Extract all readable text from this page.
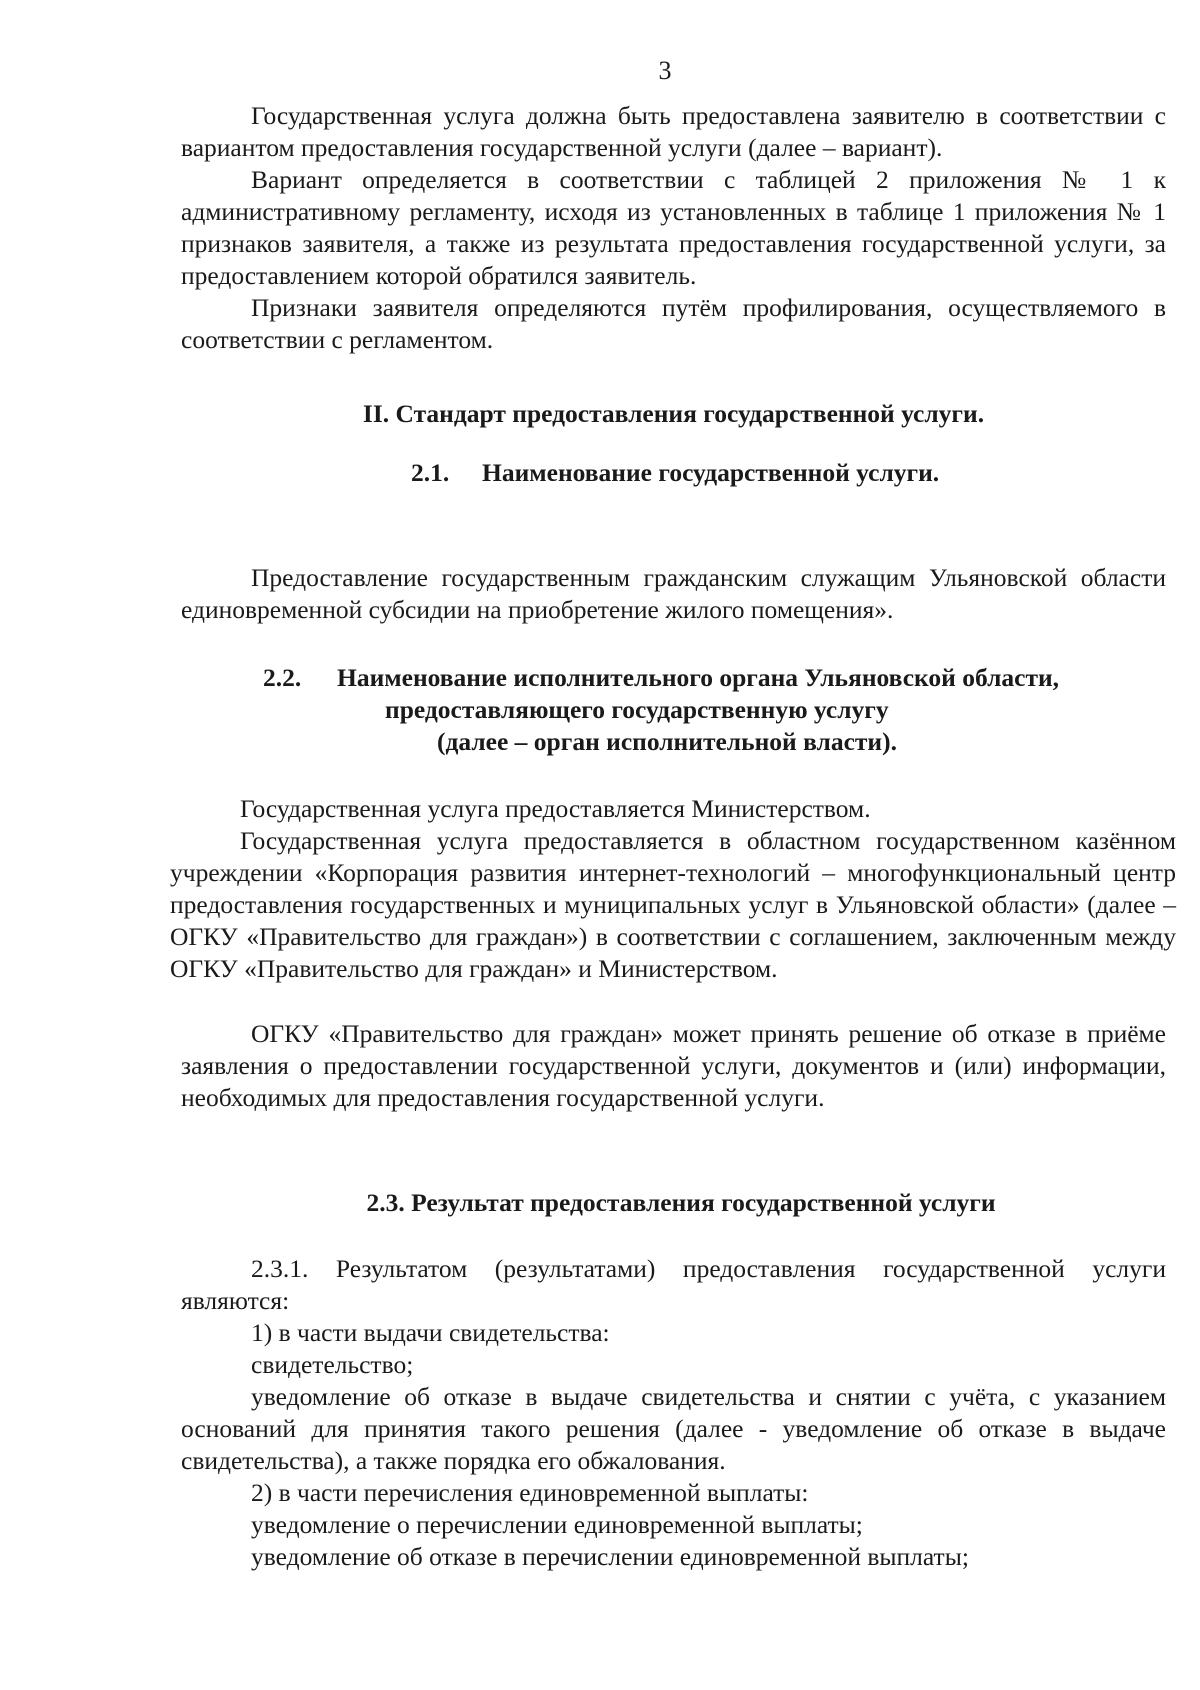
3

Государственная услуга должна быть предоставлена заявителю в соответствии с вариантом предоставления государственной услуги (далее – вариант).

Вариант определяется в соответствии с таблицей 2 приложения № 1 к административному регламенту, исходя из установленных в таблице 1 приложения № 1 признаков заявителя, а также из результата предоставления государственной услуги, за предоставлением которой обратился заявитель.

Признаки заявителя определяются путём профилирования, осуществляемого в соответствии с регламентом.

II. Стандарт предоставления государственной услуги.
2.1. Наименование государственной услуги.

Предоставление государственным гражданским служащим Ульяновской области единовременной субсидии на приобретение жилого помещения».

2.2. Наименование исполнительного органа Ульяновской области,
предоставляющего государственную услугу
(далее – орган исполнительной власти).

Государственная услуга предоставляется Министерством.

Государственная услуга предоставляется в областном государственном казённом учреждении «Корпорация развития интернет-технологий – многофункциональный центр предоставления государственных и муниципальных услуг в Ульяновской области» (далее – ОГКУ «Правительство для граждан») в соответствии с соглашением, заключенным между ОГКУ «Правительство для граждан» и Министерством.

ОГКУ «Правительство для граждан» может принять решение об отказе в приёме заявления о предоставлении государственной услуги, документов и (или) информации, необходимых для предоставления государственной услуги.

2.3. Результат предоставления государственной услуги

2.3.1. Результатом (результатами) предоставления государственной услуги являются:

1) в части выдачи свидетельства:

свидетельство;

уведомление об отказе в выдаче свидетельства и снятии с учёта, с указанием оснований для принятия такого решения (далее - уведомление об отказе в выдаче свидетельства), а также порядка его обжалования.

2) в части перечисления единовременной выплаты:

уведомление о перечислении единовременной выплаты;

уведомление об отказе в перечислении единовременной выплаты;
